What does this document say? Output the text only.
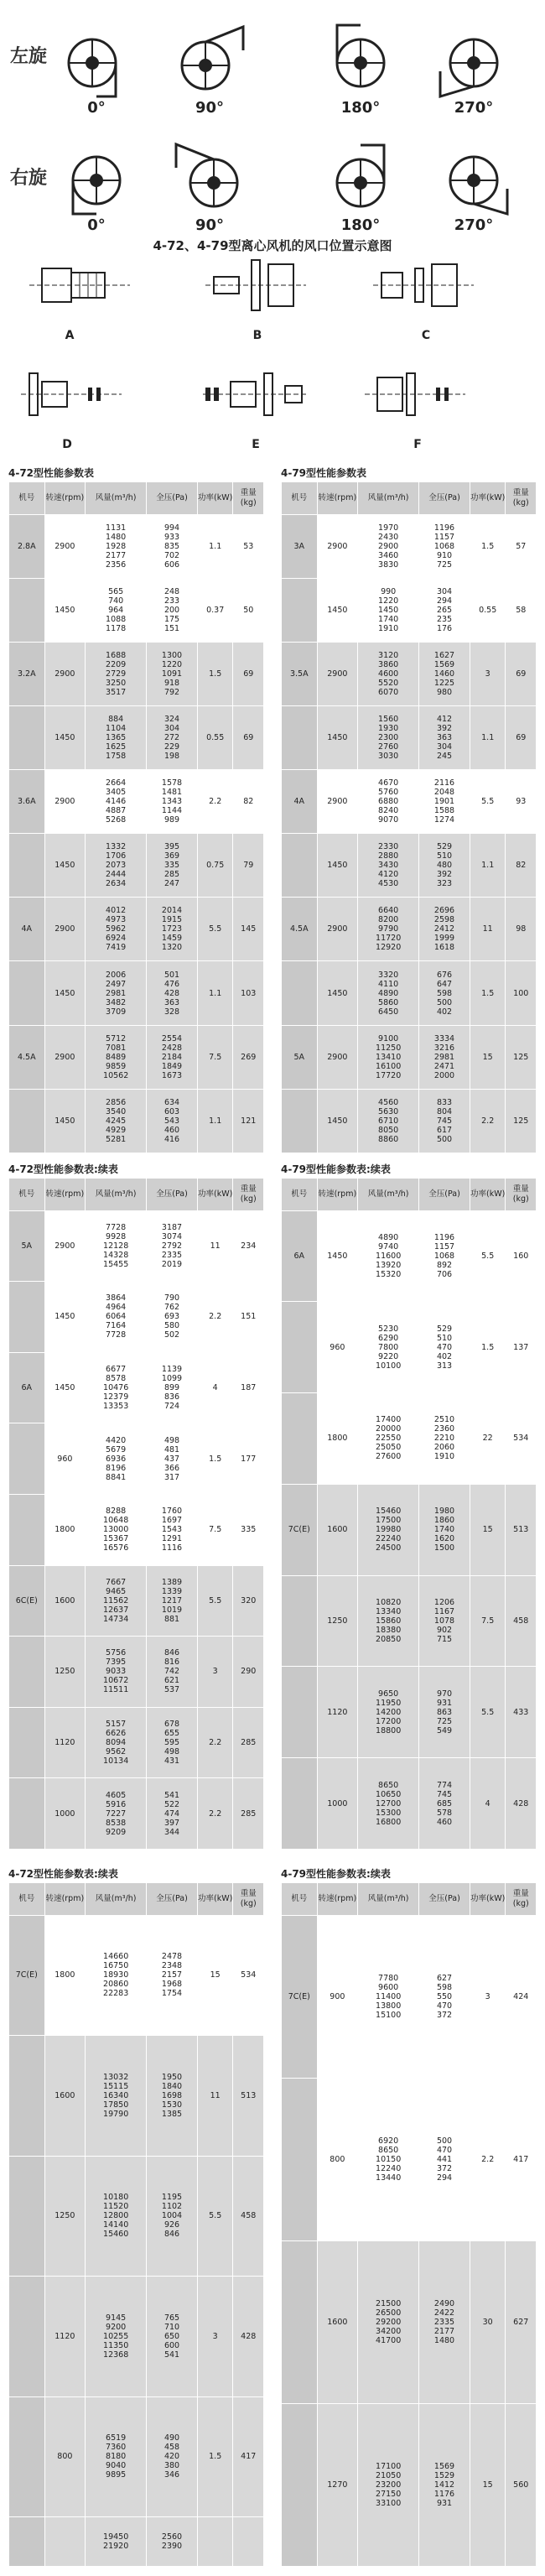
左旋
右旋
0°	90°	180°	270°
0°	90°	180°	270°
4-72、4-79型离心风机的风口位置示意图
A	B	C
D	E	F
4-72型性能参数表	4-79型性能参数表
4-72型性能参数表:续表	4-79型性能参数表:续表
4-72型性能参数表:续表	4-79型性能参数表:续表
机号	转速(rpm)	风量(m³/h)	全压(Pa)	功率(kW)	重量(kg)
2.8A	2900	1131
1480
1928
2177
2356	994
933
835
702
606	1.1	53
	1450	565
740
964
1088
1178	248
233
200
175
151	0.37	50
3.2A	2900	1688
2209
2729
3250
3517	1300
1220
1091
918
792	1.5	69
	1450	884
1104
1365
1625
1758	324
304
272
229
198	0.55	69
3.6A	2900	2664
3405
4146
4887
5268	1578
1481
1343
1144
989	2.2	82
	1450	1332
1706
2073
2444
2634	395
369
335
285
247	0.75	79
4A	2900	4012
4973
5962
6924
7419	2014
1915
1723
1459
1320	5.5	145
	1450	2006
2497
2981
3482
3709	501
476
428
363
328	1.1	103
4.5A	2900	5712
7081
8489
9859
10562	2554
2428
2184
1849
1673	7.5	269
	1450	2856
3540
4245
4929
5281	634
603
543
460
416	1.1	121
机号	转速(rpm)	风量(m³/h)	全压(Pa)	功率(kW)	重量(kg)
3A	2900	1970
2430
2900
3460
3830	1196
1157
1068
910
725	1.5	57
	1450	990
1220
1450
1740
1910	304
294
265
235
176	0.55	58
3.5A	2900	3120
3860
4600
5520
6070	1627
1569
1460
1225
980	3	69
	1450	1560
1930
2300
2760
3030	412
392
363
304
245	1.1	69
4A	2900	4670
5760
6880
8240
9070	2116
2048
1901
1588
1274	5.5	93
	1450	2330
2880
3430
4120
4530	529
510
480
392
323	1.1	82
4.5A	2900	6640
8200
9790
11720
12920	2696
2598
2412
1999
1618	11	98
	1450	3320
4110
4890
5860
6450	676
647
598
500
402	1.5	100
5A	2900	9100
11250
13410
16100
17720	3334
3216
2981
2471
2000	15	125
	1450	4560
5630
6710
8050
8860	833
804
745
617
500	2.2	125
机号	转速(rpm)	风量(m³/h)	全压(Pa)	功率(kW)	重量(kg)
5A	2900	7728
9928
12128
14328
15455	3187
3074
2792
2335
2019	11	234
	1450	3864
4964
6064
7164
7728	790
762
693
580
502	2.2	151
6A	1450	6677
8578
10476
12379
13353	1139
1099
899
836
724	4	187
	960	4420
5679
6936
8196
8841	498
481
437
366
317	1.5	177
	1800	8288
10648
13000
15367
16576	1760
1697
1543
1291
1116	7.5	335
6C(E)	1600	7667
9465
11562
12637
14734	1389
1339
1217
1019
881	5.5	320
	1250	5756
7395
9033
10672
11511	846
816
742
621
537	3	290
	1120	5157
6626
8094
9562
10134	678
655
595
498
431	2.2	285
	1000	4605
5916
7227
8538
9209	541
522
474
397
344	2.2	285
机号	转速(rpm)	风量(m³/h)	全压(Pa)	功率(kW)	重量(kg)
6A	1450	4890
9740
11600
13920
15320	1196
1157
1068
892
706	5.5	160
	960	5230
6290
7800
9220
10100	529
510
470
402
313	1.5	137
	1800	17400
20000
22550
25050
27600	2510
2360
2210
2060
1910	22	534
7C(E)	1600	15460
17500
19980
22240
24500	1980
1860
1740
1620
1500	15	513
	1250	10820
13340
15860
18380
20850	1206
1167
1078
902
715	7.5	458
	1120	9650
11950
14200
17200
18800	970
931
863
725
549	5.5	433
	1000	8650
10650
12700
15300
16800	774
745
685
578
460	4	428
机号	转速(rpm)	风量(m³/h)	全压(Pa)	功率(kW)	重量(kg)
7C(E)	1800	14660
16750
18930
20860
22283	2478
2348
2157
1968
1754	15	534
	1600	13032
15115
16340
17850
19790	1950
1840
1698
1530
1385	11	513
	1250	10180
11520
12800
14140
15460	1195
1102
1004
926
846	5.5	458
	1120	9145
9200
10255
11350
12368	765
710
650
600
541	3	428
	800	6519
7360
8180
9040
9895	490
458
420
380
346	1.5	417

		19450
21920	2560
2390		

机号	转速(rpm)	风量(m³/h)	全压(Pa)	功率(kW)	重量(kg)
7C(E)	900	7780
9600
11400
13800
15100	627
598
550
470
372	3	424
	800	6920
8650
10150
12240
13440	500
470
441
372
294	2.2	417
	1600	21500
26500
29200
34200
41700	2490
2422
2335
2177
1480	30	627
	1270	17100
21050
23200
27150
33100	1569
1529
1412
1176
931	15	560
